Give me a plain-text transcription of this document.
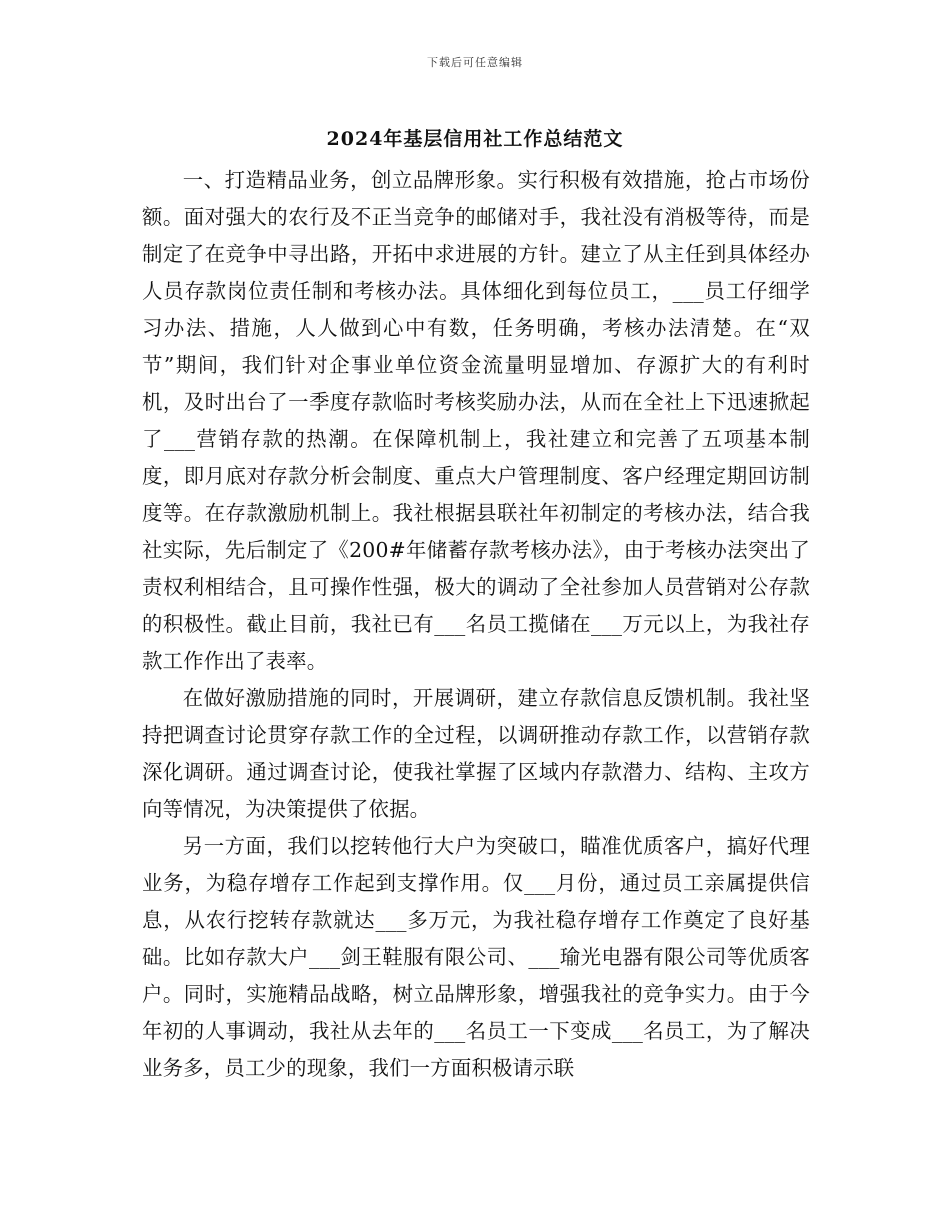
下载后可任意编辑
2024年基层信用社工作总结范文

一、打造精品业务，创立品牌形象。实行积极有效措施，抢占市场份额。面对强大的农行及不正当竞争的邮储对手，我社没有消极等待，而是制定了在竞争中寻出路，开拓中求进展的方针。建立了从主任到具体经办人员存款岗位责任制和考核办法。具体细化到每位员工，___员工仔细学习办法、措施，人人做到心中有数，任务明确，考核办法清楚。在“双节”期间，我们针对企事业单位资金流量明显增加、存源扩大的有利时机，及时出台了一季度存款临时考核奖励办法，从而在全社上下迅速掀起了___营销存款的热潮。在保障机制上，我社建立和完善了五项基本制度，即月底对存款分析会制度、重点大户管理制度、客户经理定期回访制度等。在存款激励机制上。我社根据县联社年初制定的考核办法，结合我社实际，先后制定了《200#年储蓄存款考核办法》，由于考核办法突出了责权利相结合，且可操作性强，极大的调动了全社参加人员营销对公存款的积极性。截止目前，我社已有___名员工揽储在___万元以上，为我社存款工作作出了表率。

在做好激励措施的同时，开展调研，建立存款信息反馈机制。我社坚持把调查讨论贯穿存款工作的全过程，以调研推动存款工作，以营销存款深化调研。通过调查讨论，使我社掌握了区域内存款潜力、结构、主攻方向等情况，为决策提供了依据。

另一方面，我们以挖转他行大户为突破口，瞄准优质客户，搞好代理业务，为稳存增存工作起到支撑作用。仅___月份，通过员工亲属提供信息，从农行挖转存款就达___多万元，为我社稳存增存工作奠定了良好基础。比如存款大户___剑王鞋服有限公司、___瑜光电器有限公司等优质客户。同时，实施精品战略，树立品牌形象，增强我社的竞争实力。由于今年初的人事调动，我社从去年的___名员工一下变成___名员工，为了解决业务多，员工少的现象，我们一方面积极请示联
